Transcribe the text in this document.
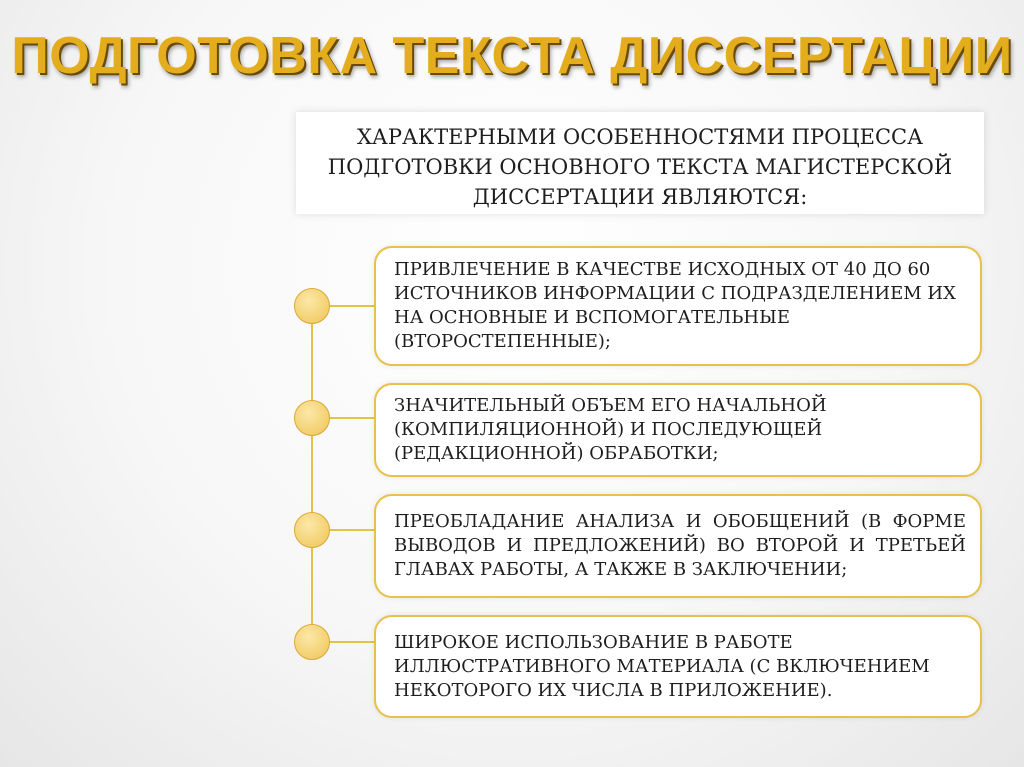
ПОДГОТОВКА ТЕКСТА ДИССЕРТАЦИИ
ХАРАКТЕРНЫМИ ОСОБЕННОСТЯМИ ПРОЦЕССА ПОДГОТОВКИ ОСНОВНОГО ТЕКСТА МАГИСТЕРСКОЙ ДИССЕРТАЦИИ ЯВЛЯЮТСЯ:
ПРИВЛЕЧЕНИЕ В КАЧЕСТВЕ ИСХОДНЫХ ОТ 40 ДО 60 ИСТОЧНИКОВ ИНФОРМАЦИИ С ПОДРАЗДЕЛЕНИЕМ ИХ НА ОСНОВНЫЕ И ВСПОМОГАТЕЛЬНЫЕ (ВТОРОСТЕПЕННЫЕ);
ЗНАЧИТЕЛЬНЫЙ ОБЪЕМ ЕГО НАЧАЛЬНОЙ (КОМПИЛЯЦИОННОЙ) И ПОСЛЕДУЮЩЕЙ (РЕДАКЦИОННОЙ) ОБРАБОТКИ;
ПРЕОБЛАДАНИЕ АНАЛИЗА И ОБОБЩЕНИЙ (В ФОРМЕ ВЫВОДОВ И ПРЕДЛОЖЕНИЙ) ВО ВТОРОЙ И ТРЕТЬЕЙ ГЛАВАХ РАБОТЫ, А ТАКЖЕ В ЗАКЛЮЧЕНИИ;
ШИРОКОЕ ИСПОЛЬЗОВАНИЕ В РАБОТЕ ИЛЛЮСТРАТИВНОГО МАТЕРИАЛА (С ВКЛЮЧЕНИЕМ НЕКОТОРОГО ИХ ЧИСЛА В ПРИЛОЖЕНИЕ).
